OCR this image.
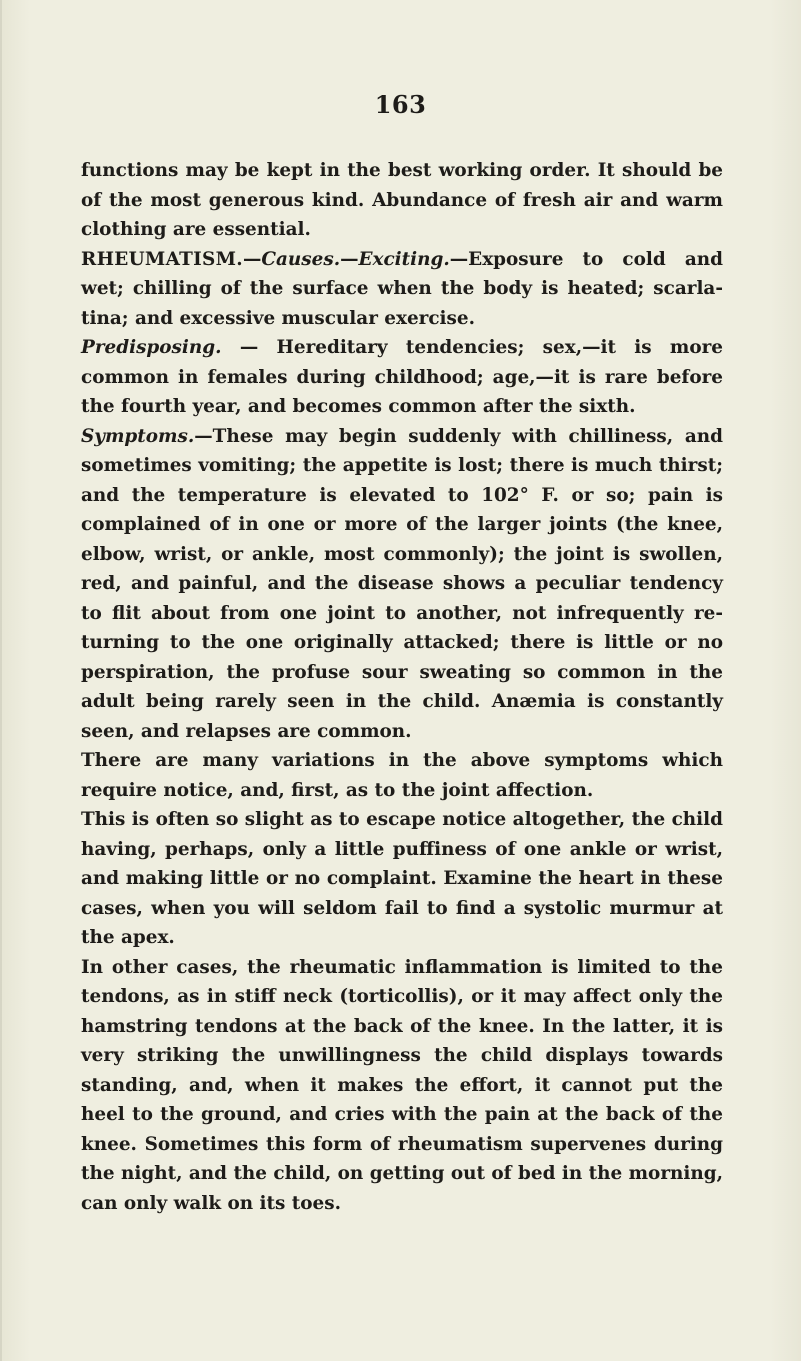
163

functions may be kept in the best working order. It should be of the most generous kind. Abundance of fresh air and warm clothing are essential.

RHEUMATISM.—Causes.—Exciting.—Exposure to cold and wet; chilling of the surface when the body is heated; scarlatina; and excessive muscular exercise.

Predisposing. — Hereditary tendencies; sex,—it is more common in females during childhood; age,—it is rare before the fourth year, and becomes common after the sixth.

Symptoms.—These may begin suddenly with chilliness, and sometimes vomiting; the appetite is lost; there is much thirst; and the temperature is elevated to 102° F. or so; pain is complained of in one or more of the larger joints (the knee, elbow, wrist, or ankle, most commonly); the joint is swollen, red, and painful, and the disease shows a peculiar tendency to flit about from one joint to another, not infrequently returning to the one originally attacked; there is little or no perspiration, the profuse sour sweating so common in the adult being rarely seen in the child. Anæmia is constantly seen, and relapses are common.

There are many variations in the above symptoms which require notice, and, first, as to the joint affection.

This is often so slight as to escape notice altogether, the child having, perhaps, only a little puffiness of one ankle or wrist, and making little or no complaint. Examine the heart in these cases, when you will seldom fail to find a systolic murmur at the apex.

In other cases, the rheumatic inflammation is limited to the tendons, as in stiff neck (torticollis), or it may affect only the hamstring tendons at the back of the knee. In the latter, it is very striking the unwillingness the child displays towards standing, and, when it makes the effort, it cannot put the heel to the ground, and cries with the pain at the back of the knee. Sometimes this form of rheumatism supervenes during the night, and the child, on getting out of bed in the morning, can only walk on its toes.
